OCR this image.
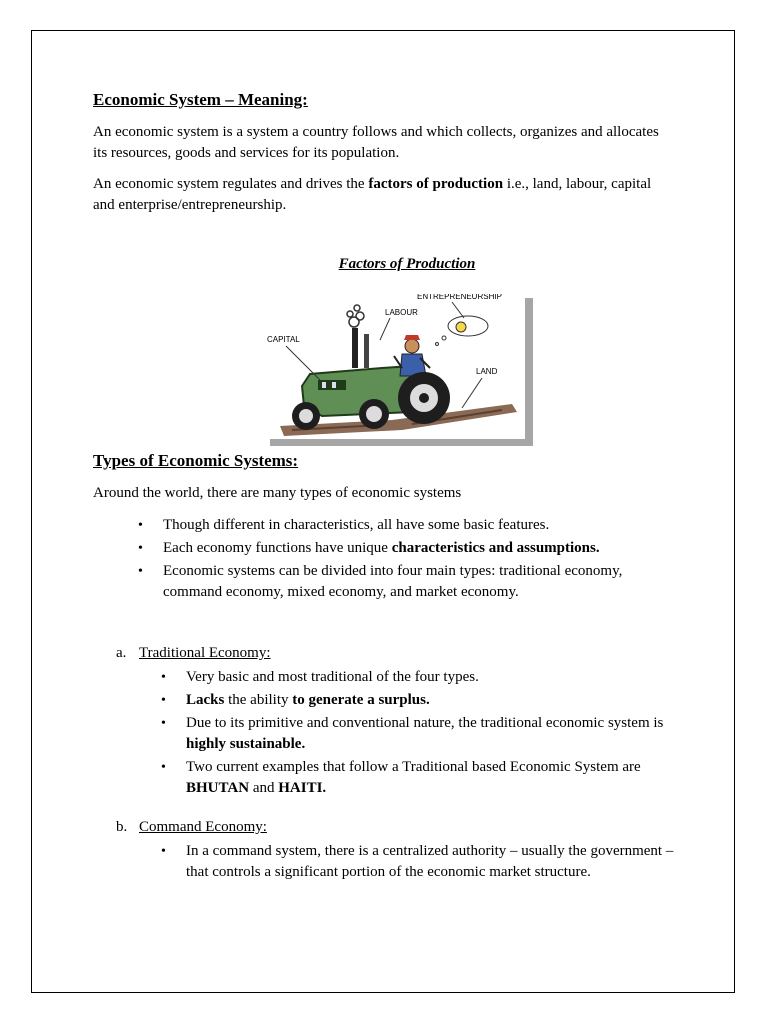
Economic System – Meaning:

An economic system is a system a country follows and which collects, organizes and allocates its resources, goods and services for its population.

An economic system regulates and drives the factors of production i.e., land, labour, capital and enterprise/entrepreneurship.

Factors of Production

ENTREPRENEURSHIP
LABOUR
CAPITAL
LAND
Types of Economic Systems:

Around the world, there are many types of economic systems

• Though different in characteristics, all have some basic features.
• Each economy functions have unique characteristics and assumptions.
• Economic systems can be divided into four main types: traditional economy, command economy, mixed economy, and market economy.

a. Traditional Economy:

• Very basic and most traditional of the four types.
• Lacks the ability to generate a surplus.
• Due to its primitive and conventional nature, the traditional economic system is highly sustainable.
• Two current examples that follow a Traditional based Economic System are BHUTAN and HAITI.

b. Command Economy:

• In a command system, there is a centralized authority – usually the government – that controls a significant portion of the economic market structure.
